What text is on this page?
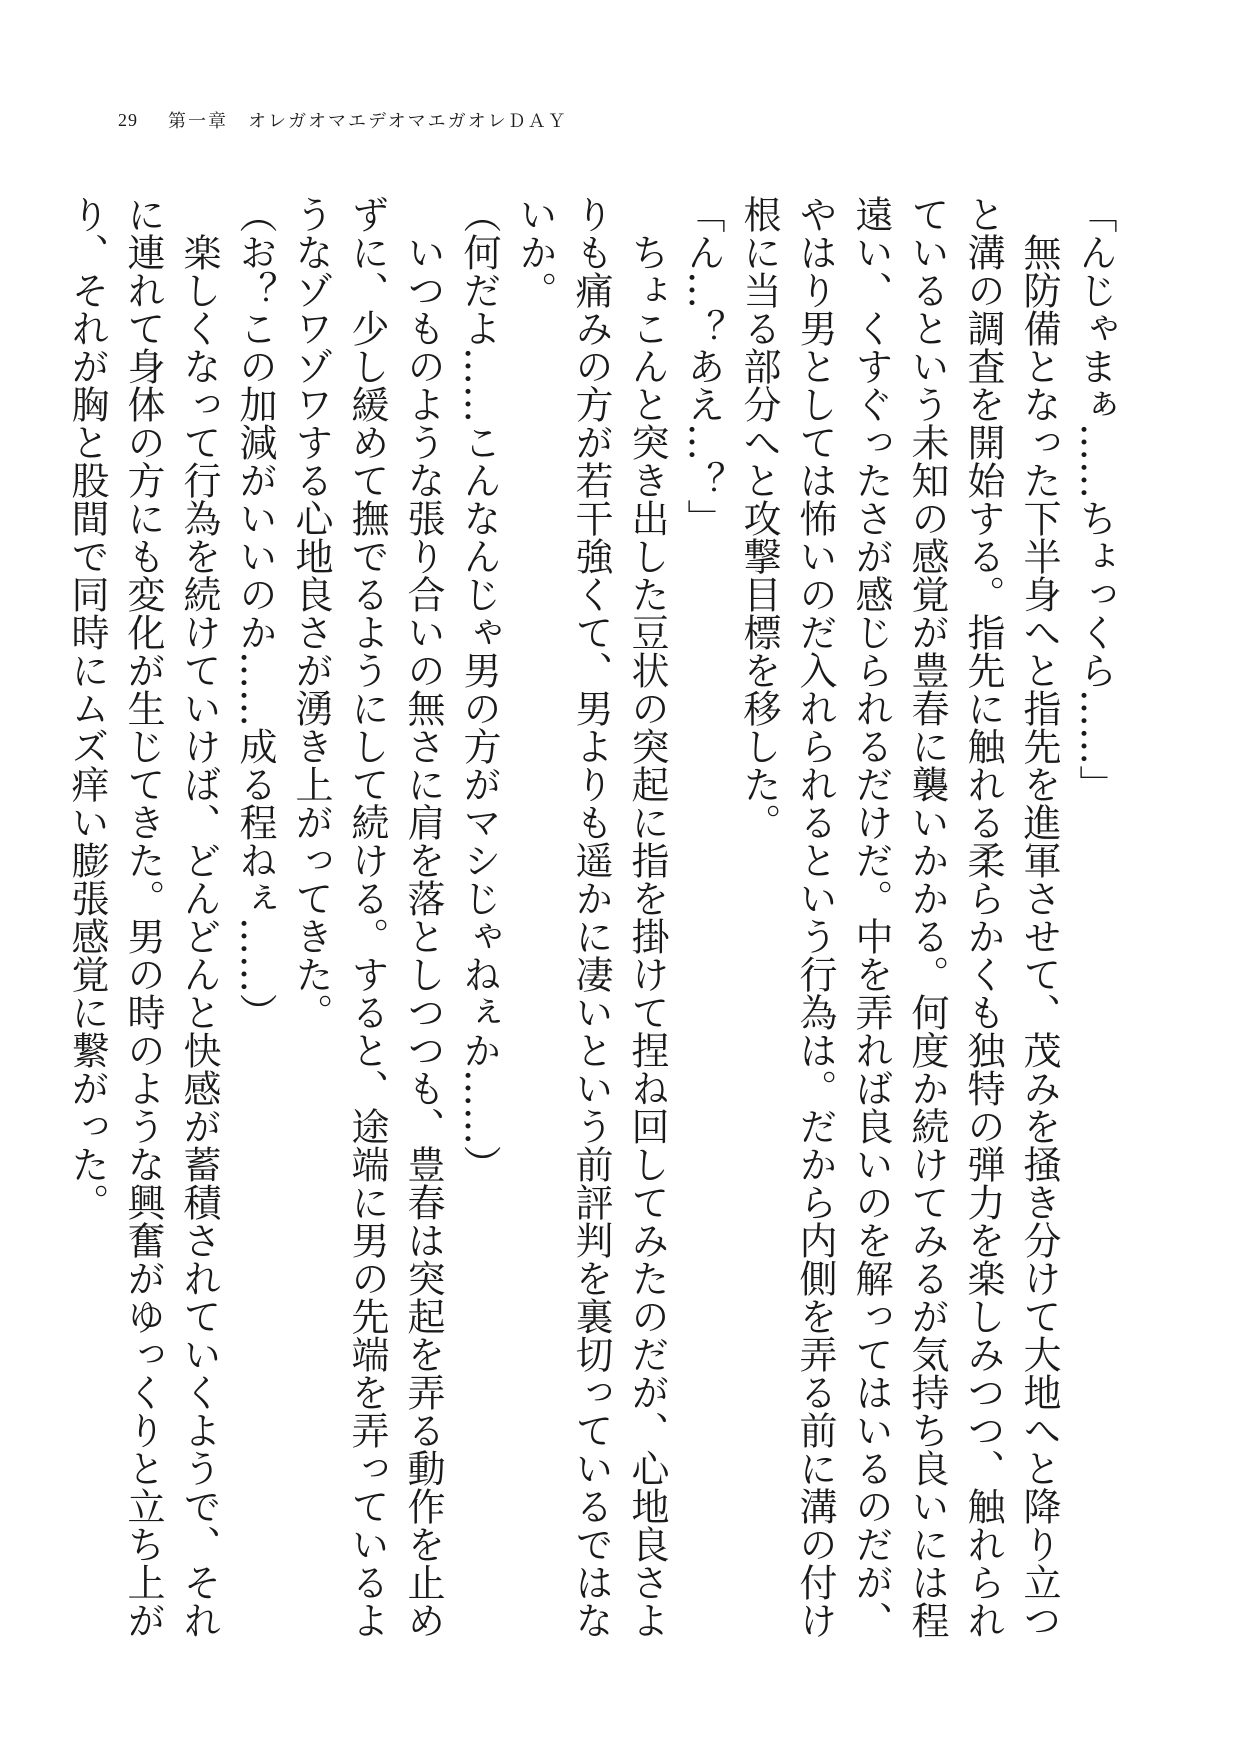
29 第一章　オレガオマエデオマエガオレＤＡＹ

「んじゃまぁ……ちょっくら……」

無防備となった下半身へと指先を進軍させて、茂みを掻き分けて大地へと降り立つと溝の調査を開始する。指先に触れる柔らかくも独特の弾力を楽しみつつ、触れられているという未知の感覚が豊春に襲いかかる。何度か続けてみるが気持ち良いには程遠い、くすぐったさが感じられるだけだ。中を弄れば良いのを解ってはいるのだが、やはり男としては怖いのだ入れられるという行為は。だから内側を弄る前に溝の付け根に当る部分へと攻撃目標を移した。

「ん…？あえ…？」

ちょこんと突き出した豆状の突起に指を掛けて捏ね回してみたのだが、心地良さよりも痛みの方が若干強くて、男よりも遥かに凄いという前評判を裏切っているではないか。

（何だよ……こんなんじゃ男の方がマシじゃねぇか……）

いつものような張り合いの無さに肩を落としつつも、豊春は突起を弄る動作を止めずに、少し緩めて撫でるようにして続ける。すると、途端に男の先端を弄っているようなゾワゾワする心地良さが湧き上がってきた。

（お？この加減がいいのか……成る程ねぇ……）

楽しくなって行為を続けていけば、どんどんと快感が蓄積されていくようで、それに連れて身体の方にも変化が生じてきた。男の時のような興奮がゆっくりと立ち上がり、それが胸と股間で同時にムズ痒い膨張感覚に繋がった。
